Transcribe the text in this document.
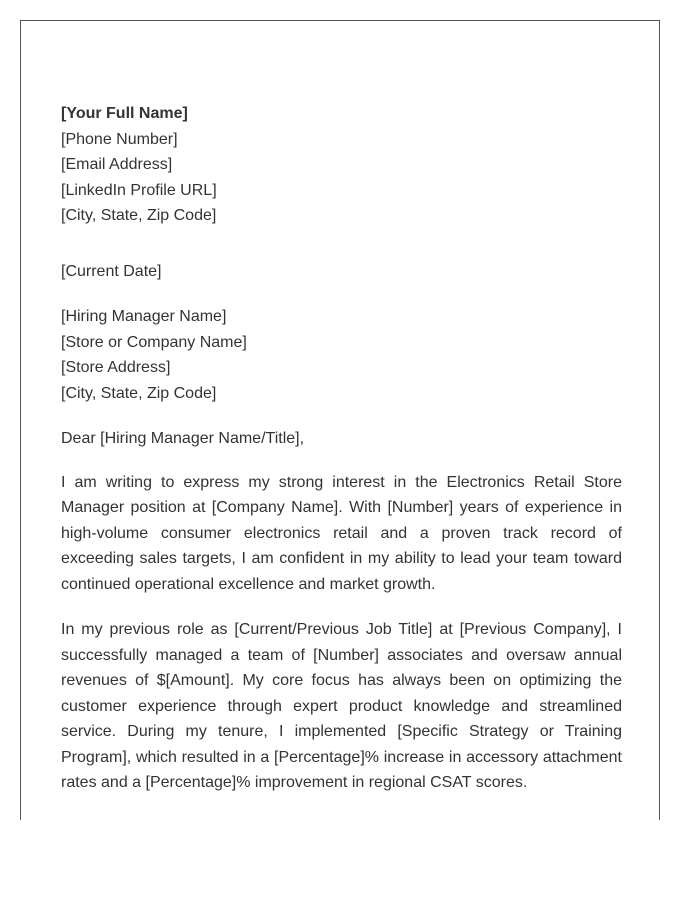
[Your Full Name]
[Phone Number]
[Email Address]
[LinkedIn Profile URL]
[City, State, Zip Code]
[Current Date]
[Hiring Manager Name]
[Store or Company Name]
[Store Address]
[City, State, Zip Code]
Dear [Hiring Manager Name/Title],

I am writing to express my strong interest in the Electronics Retail Store Manager position at [Company Name]. With [Number] years of experience in high-volume consumer electronics retail and a proven track record of exceeding sales targets, I am confident in my ability to lead your team toward continued operational excellence and market growth.

In my previous role as [Current/Previous Job Title] at [Previous Company], I successfully managed a team of [Number] associates and oversaw annual revenues of $[Amount]. My core focus has always been on optimizing the customer experience through expert product knowledge and streamlined service. During my tenure, I implemented [Specific Strategy or Training Program], which resulted in a [Percentage]% increase in accessory attachment rates and a [Percentage]% improvement in regional CSAT scores.
